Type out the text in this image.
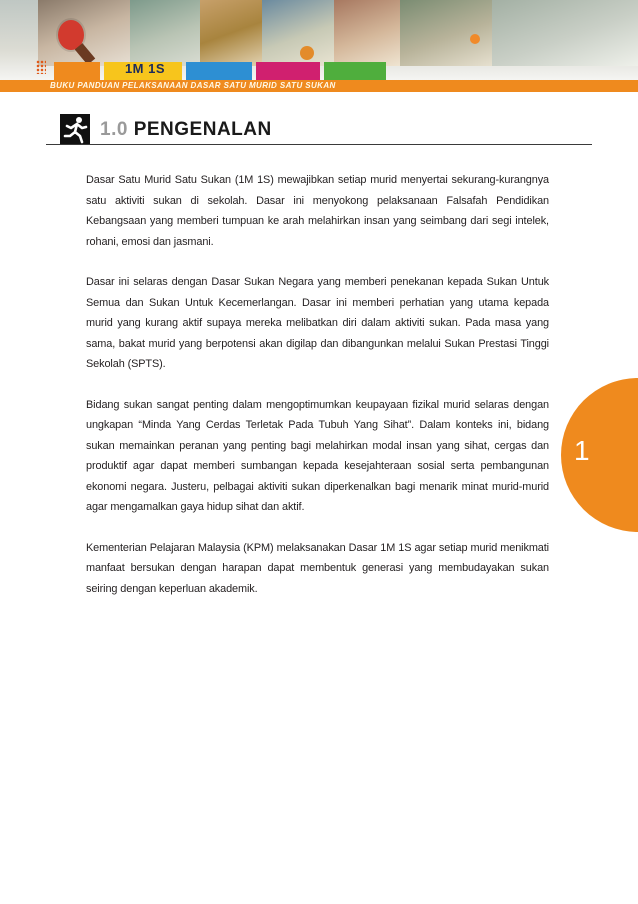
1M 1S
BUKU PANDUAN PELAKSANAAN DASAR SATU MURID SATU SUKAN
1.0 PENGENALAN

Dasar Satu Murid Satu Sukan (1M 1S) mewajibkan setiap murid menyertai sekurang-kurangnya satu aktiviti sukan di sekolah. Dasar ini menyokong pelaksanaan Falsafah Pendidikan Kebangsaan yang memberi tumpuan ke arah melahirkan insan yang seimbang dari segi intelek, rohani, emosi dan jasmani.

Dasar ini selaras dengan Dasar Sukan Negara yang memberi penekanan kepada Sukan Untuk Semua dan Sukan Untuk Kecemerlangan. Dasar ini memberi perhatian yang utama kepada murid yang kurang aktif supaya mereka melibatkan diri dalam aktiviti sukan. Pada masa yang sama, bakat murid yang berpotensi akan digilap dan dibangunkan melalui Sukan Prestasi Tinggi Sekolah (SPTS).

Bidang sukan sangat penting dalam mengoptimumkan keupayaan fizikal murid selaras dengan ungkapan “Minda Yang Cerdas Terletak Pada Tubuh Yang Sihat”. Dalam konteks ini, bidang sukan memainkan peranan yang penting bagi melahirkan modal insan yang sihat, cergas dan produktif agar dapat memberi sumbangan kepada kesejahteraan sosial serta pembangunan ekonomi negara. Justeru, pelbagai aktiviti sukan diperkenalkan bagi menarik minat murid-murid agar mengamalkan gaya hidup sihat dan aktif.

Kementerian Pelajaran Malaysia (KPM) melaksanakan Dasar 1M 1S agar setiap murid menikmati manfaat bersukan dengan harapan dapat membentuk generasi yang membudayakan sukan seiring dengan keperluan akademik.

1
